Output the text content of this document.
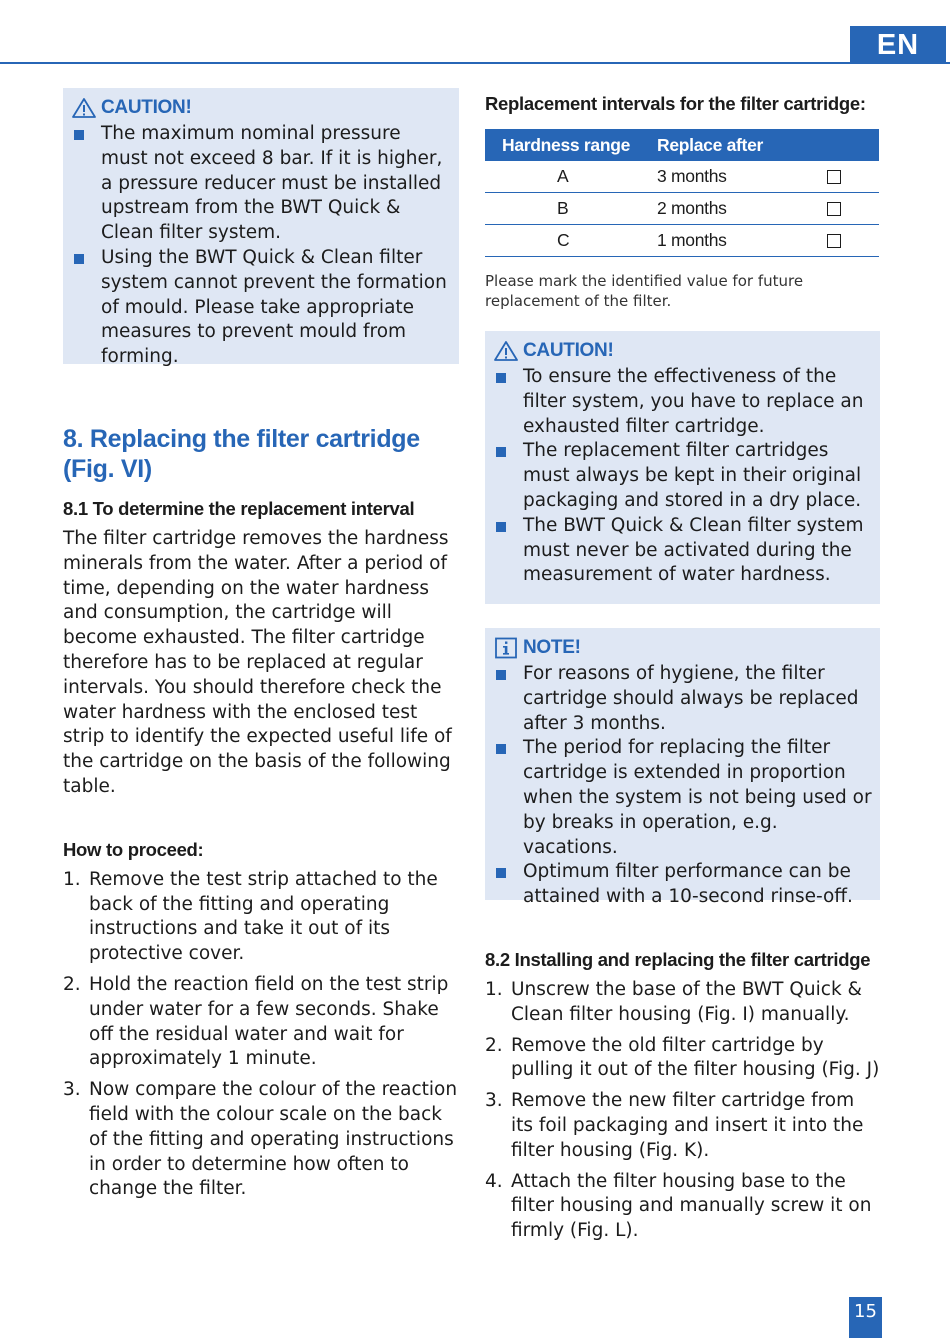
EN
CAUTION!
The maximum nominal pressure must not exceed 8 bar. If it is higher, a pressure reducer must be installed upstream from the BWT Quick & Clean filter system.
Using the BWT Quick & Clean filter system cannot prevent the formation of mould. Please take appropriate measures to prevent mould from forming.
8. Replacing the filter cartridge
(Fig. VI)
8.1 To determine the replacement interval
The filter cartridge removes the hardness minerals from the water. After a period of time, depending on the water hardness and consumption, the cartridge will become exhausted. The filter cartridge therefore has to be replaced at regular intervals. You should therefore check the water hardness with the enclosed test strip to identify the expected useful life of the cartridge on the basis of the following table.
How to proceed:
1. Remove the test strip attached to the back of the fitting and operating instructions and take it out of its protective cover.
2. Hold the reaction field on the test strip under water for a few seconds. Shake off the residual water and wait for approximately 1 minute.
3. Now compare the colour of the reaction field with the colour scale on the back of the fitting and operating instructions in order to determine how often to change the filter.
Replacement intervals for the filter cartridge:
Hardness range	Replace after	
A	3 months	
B	2 months	
C	1 months	
Please mark the identified value for future replacement of the filter.
CAUTION!
To ensure the effectiveness of the filter system, you have to replace an exhausted filter cartridge.
The replacement filter cartridges must always be kept in their original packaging and stored in a dry place.
The BWT Quick & Clean filter system must never be activated during the measurement of water hardness.
NOTE!
For reasons of hygiene, the filter cartridge should always be replaced after 3 months.
The period for replacing the filter cartridge is extended in proportion when the system is not being used or by breaks in operation, e.g. vacations.
Optimum filter performance can be attained with a 10-second rinse-off.
8.2 Installing and replacing the filter cartridge
1. Unscrew the base of the BWT Quick & Clean filter housing (Fig. I) manually.
2. Remove the old filter cartridge by pulling it out of the filter housing (Fig. J)
3. Remove the new filter cartridge from its foil packaging and insert it into the filter housing (Fig. K).
4. Attach the filter housing base to the filter housing and manually screw it on firmly (Fig. L).
15
